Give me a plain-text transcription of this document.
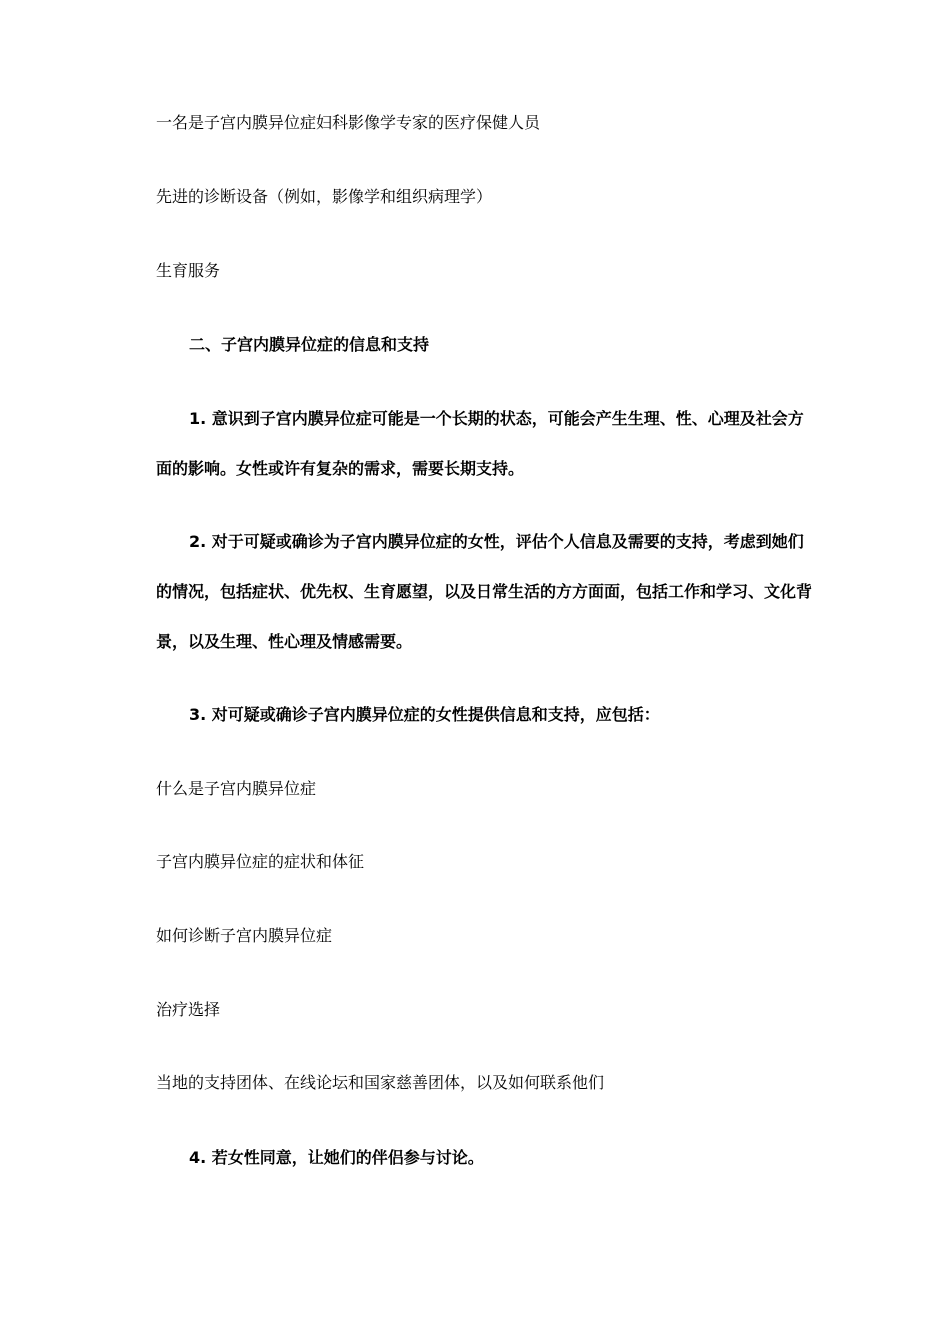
一名是子宫内膜异位症妇科影像学专家的医疗保健人员
先进的诊断设备（例如，影像学和组织病理学）
生育服务
二、子宫内膜异位症的信息和支持
1. 意识到子宫内膜异位症可能是一个长期的状态，可能会产生生理、性、心理及社会方面的影响。女性或许有复杂的需求，需要长期支持。
2. 对于可疑或确诊为子宫内膜异位症的女性，评估个人信息及需要的支持，考虑到她们的情况，包括症状、优先权、生育愿望，以及日常生活的方方面面，包括工作和学习、文化背景，以及生理、性心理及情感需要。
3. 对可疑或确诊子宫内膜异位症的女性提供信息和支持，应包括：
什么是子宫内膜异位症
子宫内膜异位症的症状和体征
如何诊断子宫内膜异位症
治疗选择
当地的支持团体、在线论坛和国家慈善团体，以及如何联系他们
4. 若女性同意，让她们的伴侣参与讨论。
